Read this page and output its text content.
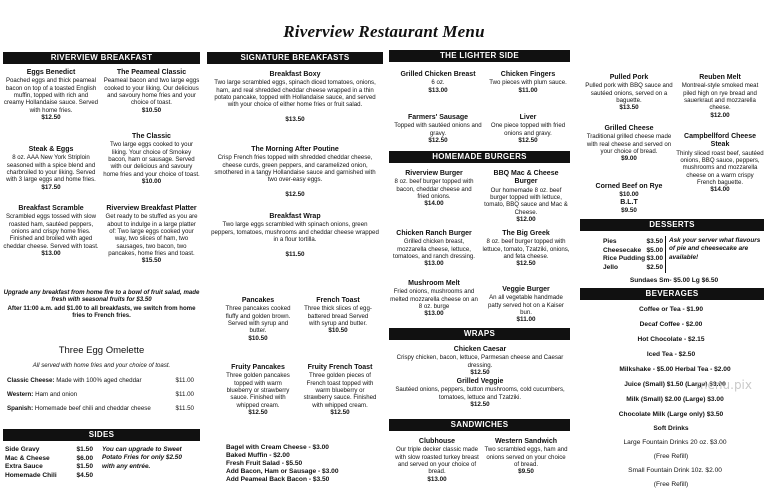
Riverview Restaurant Menu
RIVERVIEW BREAKFAST
Eggs Benedict
Poached eggs and thick peameal bacon on top of a toasted English muffin, topped with rich and creamy Hollandaise sauce. Served with home fries.
$12.50
The Peameal Classic
Peameal bacon and two large eggs cooked to your liking. Our delicious and savoury home fries and your choice of toast.
$10.50
Steak & Eggs
8 oz. AAA New York Striploin seasoned with a spice blend and charbroiled to your liking. Served with 3 large eggs and home fries.
$17.50
The Classic
Two large eggs cooked to your liking. Your choice of Smokey bacon, ham or sausage. Served with our delicious and savoury home fries and your choice of toast.
$10.00
Breakfast Scramble
Scrambled eggs tossed with slow roasted ham, sautéed peppers, onions and crispy home fries. Finished and broiled with aged cheddar cheese. Served with toast.
$13.00
Riverview Breakfast Platter
Get ready to be stuffed as you are about to indulge in a large platter of: Two large eggs cooked your way, two slices of ham, two sausages, two bacon, two pancakes, home fries and toast.
$15.50
Upgrade any breakfast from home fire to a bowl of fruit salad, made fresh with seasonal fruits for $3.50
After 11:00 a.m. add $1.00 to all breakfasts, we switch from home fries to French fries.
Three Egg Omelette
All served with home fries and your choice of toast.
Classic Cheese: Made with 100% aged cheddar	$11.00
Western: Ham and onion	$11.00
Spanish: Homemade beef chili and cheddar cheese	$11.50
SIDES
Side Gravy	$1.50
Mac & Cheese	$6.00
Extra Sauce	$1.50
Homemade Chili	$4.50
You can upgrade to Sweet Potato Fries for only $2.50 with any entrée.
SIGNATURE BREAKFASTS
Breakfast Boxy
Two large scrambled eggs, spinach diced tomatoes, onions, ham, and real shredded cheddar cheese wrapped in a thin potato pancake, topped with Hollandaise sauce, and served with your choice of either home fries or fruit salad.

$13.50
The Morning After Poutine
Crisp French fries topped with shredded cheddar cheese, cheese curds, green peppers, and caramelized onion, smothered in a tangy Hollandaise sauce and garnished with two over-easy eggs.

$12.50
Breakfast Wrap
Two large eggs scrambled with spinach onions, green peppers, tomatoes, mushrooms and cheddar cheese wrapped in a flour tortilla.

$11.50
Pancakes
Three pancakes cooked fluffy and golden brown. Served with syrup and butter.
$10.50
French Toast
Three thick slices of egg-battered bread Served with syrup and butter.
$10.50
Fruity Pancakes
Three golden pancakes topped with warm blueberry or strawberry sauce. Finished with whipped cream.
$12.50
Fruity French Toast
Three golden pieces of French toast topped with warm blueberry or strawberry sauce. Finished with whipped cream.
$12.50
Bagel with Cream Cheese - $3.00
Baked Muffin - $2.00
Fresh Fruit Salad - $5.50
Add Bacon, Ham or Sausage - $3.00
Add Peameal Back Bacon - $3.50
THE LIGHTER SIDE
Grilled Chicken Breast
6 oz.
$13.00
Chicken Fingers
Two pieces with plum sauce.
$11.00
Farmers' Sausage
Topped with sautéed onions and gravy.
$12.50
Liver
One piece topped with fried onions and gravy.
$12.50
HOMEMADE BURGERS
Riverview Burger
8 oz. beef burger topped with bacon, cheddar cheese and fried onions.
$14.00
BBQ Mac & Cheese Burger
Our homemade 8 oz. beef burger topped with lettuce, tomato, BBQ sauce and Mac & Cheese.
$12.00
Chicken Ranch Burger
Grilled chicken breast, mozzarella cheese, lettuce, tomatoes, and ranch dressing.
$13.00
The Big Greek
8 oz. beef burger topped with lettuce, tomato, Tzatziki, onions, and feta cheese.
$12.50
Mushroom Melt
Fried onions, mushrooms and melted mozzarella cheese on an 8 oz. burge
$13.00
Veggie Burger
An all vegetable handmade patty served hot on a Kaiser bun.
$11.00
WRAPS
Chicken Caesar
Crispy chicken, bacon, lettuce, Parmesan cheese and Caesar dressing.
$12.50
Grilled Veggie
Sautéed onions, peppers, button mushrooms, cold cucumbers, tomatoes, lettuce and Tzatziki.
$12.50
SANDWICHES
Clubhouse
Our triple decker classic made with slow roasted turkey breast and served on your choice of bread.
$13.00
Western Sandwich
Two scrambled eggs, ham and onions served on your choice of bread.
$9.50
Pulled Pork
Pulled pork with BBQ sauce and sautéed onions, served on a baguette.
$13.50
Reuben Melt
Montreal-style smoked meat piled high on rye bread and sauerkraut and mozzarella cheese.
$12.00
Grilled Cheese
Traditional grilled cheese made with real cheese and served on your choice of bread.
$9.00
Campbellford Cheese Steak
Thinly sliced roast beef, sautéed onions, BBQ sauce, peppers, mushrooms and mozzarella cheese on a warm crispy French baguette.
$14.00
Corned Beef on Rye
$10.00
B.L.T
$9.50
DESSERTS
Pies	$3.50
Cheesecake $5.00
Rice Pudding $3.00
Jello	$2.50
Ask your server what flavours of pie and cheesecake are available!
Sundaes Sm- $5.00 Lg $6.50
BEVERAGES
Coffee or Tea - $1.90
Decaf Coffee - $2.00
Hot Chocolate - $2.15
Iced Tea - $2.50
Milkshake - $5.00 Herbal Tea - $2.00
Juice (Small) $1.50 (Large) $3.00
Milk (Small) $2.00 (Large) $3.00
Chocolate Milk (Large only) $3.50
Soft Drinks
Large Fountain Drinks 20 oz. $3.00
(Free Refill)
Small Fountain Drink 10z. $2.00
(Free Refill)
menu.pix
